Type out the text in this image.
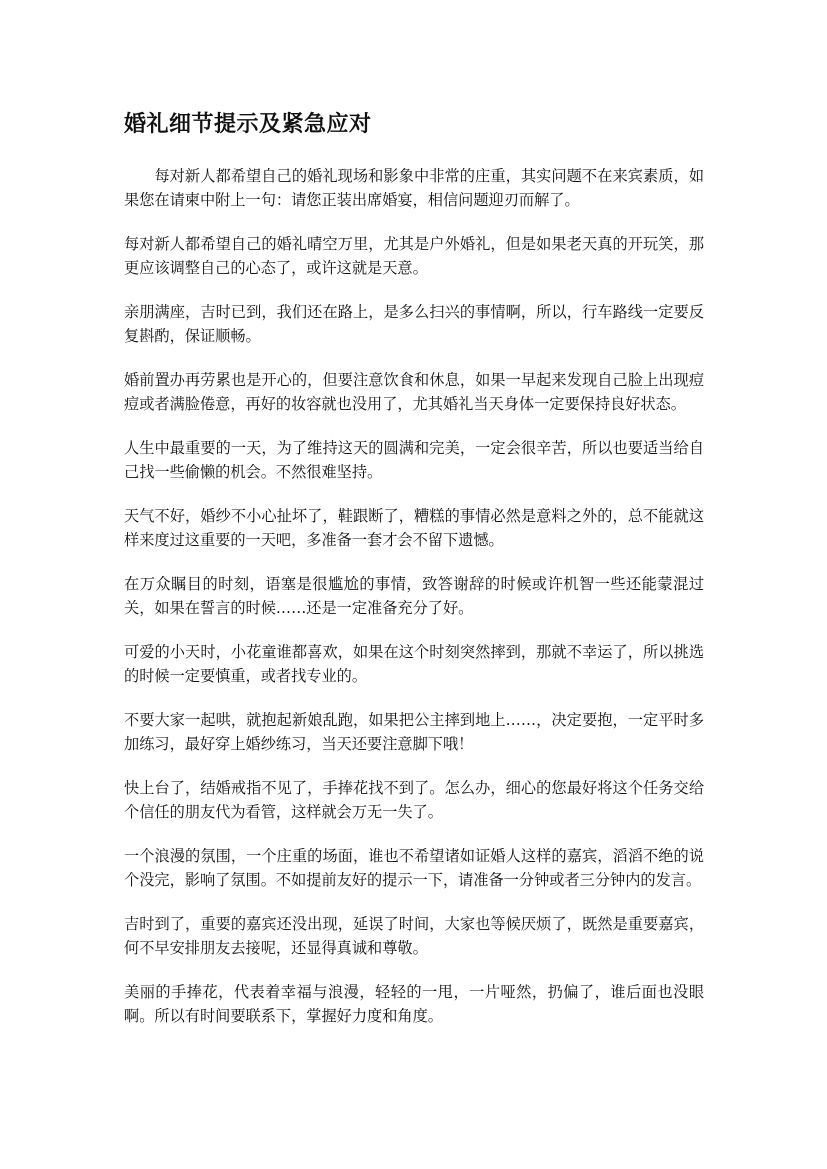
婚礼细节提示及紧急应对

每对新人都希望自己的婚礼现场和影象中非常的庄重，其实问题不在来宾素质，如果您在请柬中附上一句：请您正装出席婚宴，相信问题迎刃而解了。

每对新人都希望自己的婚礼晴空万里，尤其是户外婚礼，但是如果老天真的开玩笑，那更应该调整自己的心态了，或许这就是天意。

亲朋满座，吉时已到，我们还在路上，是多么扫兴的事情啊，所以，行车路线一定要反复斟酌，保证顺畅。

婚前置办再劳累也是开心的，但要注意饮食和休息，如果一早起来发现自己脸上出现痘痘或者满脸倦意，再好的妆容就也没用了，尤其婚礼当天身体一定要保持良好状态。

人生中最重要的一天，为了维持这天的圆满和完美，一定会很辛苦，所以也要适当给自己找一些偷懒的机会。不然很难坚持。

天气不好，婚纱不小心扯坏了，鞋跟断了，糟糕的事情必然是意料之外的，总不能就这样来度过这重要的一天吧，多准备一套才会不留下遗憾。

在万众瞩目的时刻，语塞是很尴尬的事情，致答谢辞的时候或许机智一些还能蒙混过关，如果在誓言的时候……还是一定准备充分了好。

可爱的小天时，小花童谁都喜欢，如果在这个时刻突然摔到，那就不幸运了，所以挑选的时候一定要慎重，或者找专业的。

不要大家一起哄，就抱起新娘乱跑，如果把公主摔到地上……，决定要抱，一定平时多加练习，最好穿上婚纱练习，当天还要注意脚下哦！

快上台了，结婚戒指不见了，手捧花找不到了。怎么办，细心的您最好将这个任务交给个信任的朋友代为看管，这样就会万无一失了。

一个浪漫的氛围，一个庄重的场面，谁也不希望诸如证婚人这样的嘉宾，滔滔不绝的说个没完，影响了氛围。不如提前友好的提示一下，请准备一分钟或者三分钟内的发言。

吉时到了，重要的嘉宾还没出现，延误了时间，大家也等候厌烦了，既然是重要嘉宾，何不早安排朋友去接呢，还显得真诚和尊敬。

美丽的手捧花，代表着幸福与浪漫，轻轻的一甩，一片哑然，扔偏了，谁后面也没眼啊。所以有时间要联系下，掌握好力度和角度。
